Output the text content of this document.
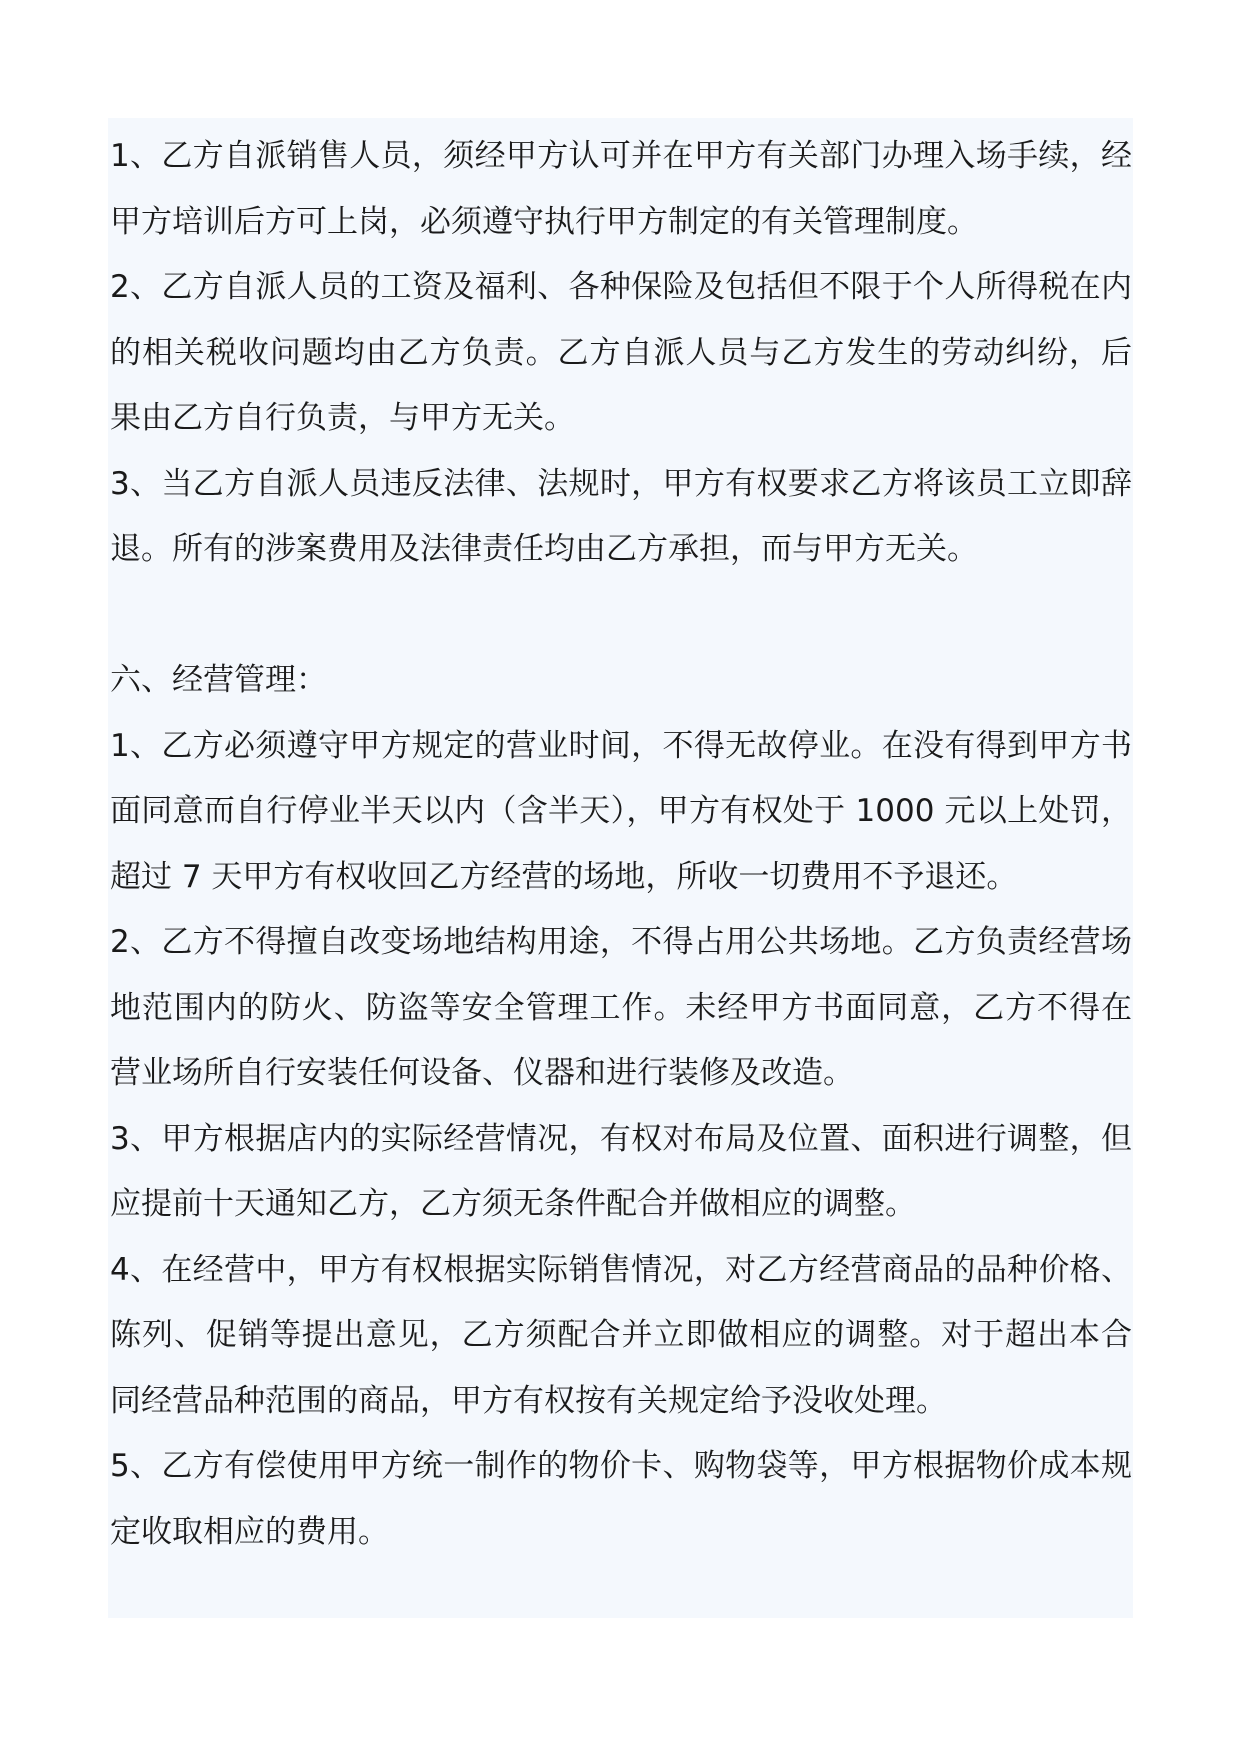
1、乙方自派销售人员，须经甲方认可并在甲方有关部门办理入场手续，经甲方培训后方可上岗，必须遵守执行甲方制定的有关管理制度。

2、乙方自派人员的工资及福利、各种保险及包括但不限于个人所得税在内的相关税收问题均由乙方负责。乙方自派人员与乙方发生的劳动纠纷，后果由乙方自行负责，与甲方无关。

3、当乙方自派人员违反法律、法规时，甲方有权要求乙方将该员工立即辞退。所有的涉案费用及法律责任均由乙方承担，而与甲方无关。

六、经营管理：

1、乙方必须遵守甲方规定的营业时间，不得无故停业。在没有得到甲方书面同意而自行停业半天以内（含半天），甲方有权处于 1000 元以上处罚，超过 7 天甲方有权收回乙方经营的场地，所收一切费用不予退还。

2、乙方不得擅自改变场地结构用途，不得占用公共场地。乙方负责经营场地范围内的防火、防盗等安全管理工作。未经甲方书面同意，乙方不得在营业场所自行安装任何设备、仪器和进行装修及改造。

3、甲方根据店内的实际经营情况，有权对布局及位置、面积进行调整，但应提前十天通知乙方，乙方须无条件配合并做相应的调整。

4、在经营中，甲方有权根据实际销售情况，对乙方经营商品的品种价格、陈列、促销等提出意见，乙方须配合并立即做相应的调整。对于超出本合同经营品种范围的商品，甲方有权按有关规定给予没收处理。

5、乙方有偿使用甲方统一制作的物价卡、购物袋等，甲方根据物价成本规定收取相应的费用。
